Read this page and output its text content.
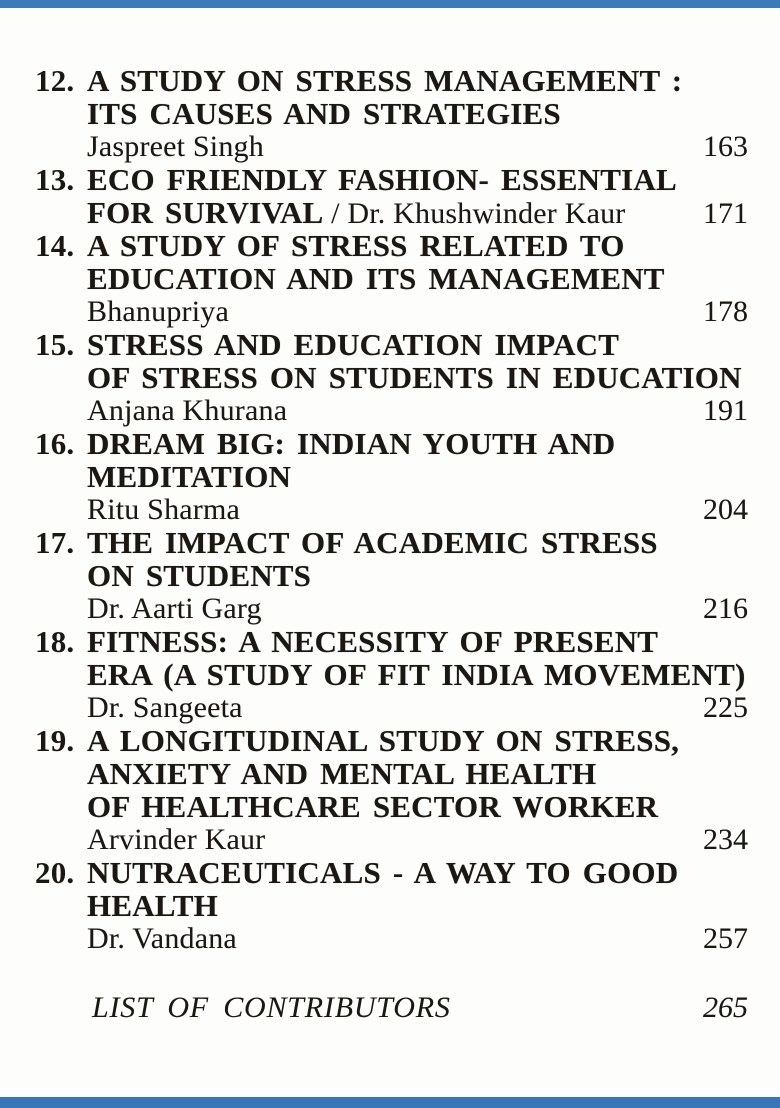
12. A STUDY ON STRESS MANAGEMENT :
ITS CAUSES AND STRATEGIES
Jaspreet Singh	163
13. ECO FRIENDLY FASHION- ESSENTIAL
FOR SURVIVAL / Dr. Khushwinder Kaur	171
14. A STUDY OF STRESS RELATED TO
EDUCATION AND ITS MANAGEMENT
Bhanupriya	178
15. STRESS AND EDUCATION IMPACT
OF STRESS ON STUDENTS IN EDUCATION
Anjana Khurana	191
16. DREAM BIG: INDIAN YOUTH AND
MEDITATION
Ritu Sharma	204
17. THE IMPACT OF ACADEMIC STRESS
ON STUDENTS
Dr. Aarti Garg	216
18. FITNESS: A NECESSITY OF PRESENT
ERA (A STUDY OF FIT INDIA MOVEMENT)
Dr. Sangeeta	225
19. A LONGITUDINAL STUDY ON STRESS,
ANXIETY AND MENTAL HEALTH
OF HEALTHCARE SECTOR WORKER
Arvinder Kaur	234
20. NUTRACEUTICALS - A WAY TO GOOD
HEALTH
Dr. Vandana	257
LIST OF CONTRIBUTORS	265
